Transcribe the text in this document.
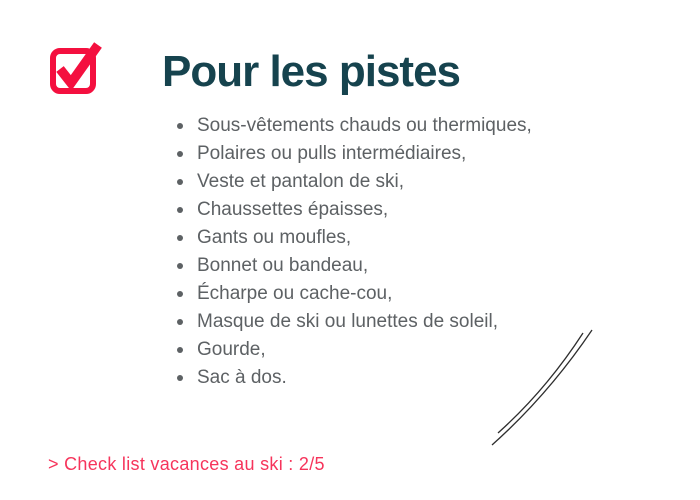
Pour les pistes
Sous-vêtements chauds ou thermiques,
Polaires ou pulls intermédiaires,
Veste et pantalon de ski,
Chaussettes épaisses,
Gants ou moufles,
Bonnet ou bandeau,
Écharpe ou cache-cou,
Masque de ski ou lunettes de soleil,
Gourde,
Sac à dos.
> Check list vacances au ski : 2/5
